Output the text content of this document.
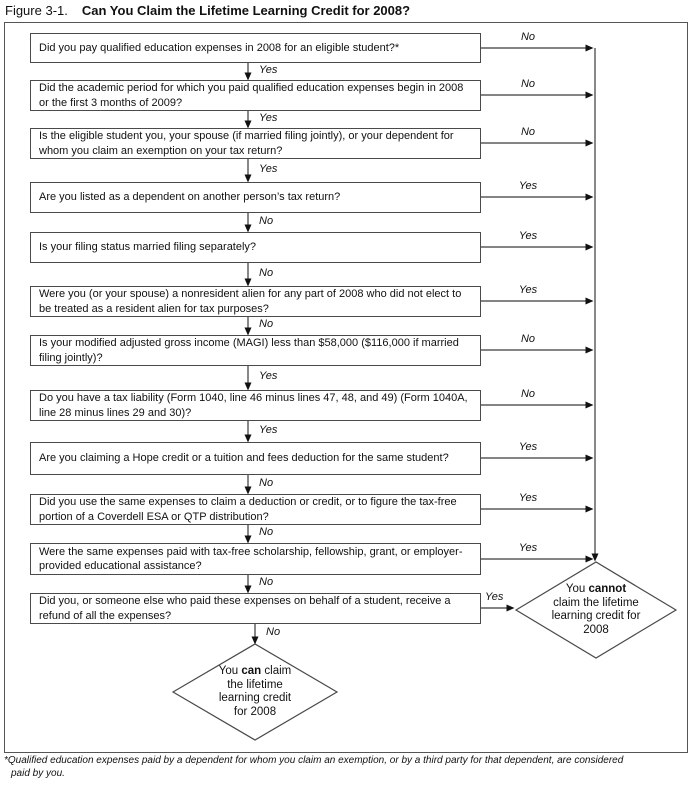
Figure 3-1. Can You Claim the Lifetime Learning Credit for 2008?
Did you pay qualified education expenses in 2008 for an eligible student?*
Did the academic period for which you paid qualified education expenses begin in 2008 or the first 3 months of 2009?
Is the eligible student you, your spouse (if married filing jointly), or your dependent for whom you claim an exemption on your tax return?
Are you listed as a dependent on another person’s tax return?
Is your filing status married filing separately?
Were you (or your spouse) a nonresident alien for any part of 2008 who did not elect to be treated as a resident alien for tax purposes?
Is your modified adjusted gross income (MAGI) less than $58,000 ($116,000 if married filing jointly)?
Do you have a tax liability (Form 1040, line 46 minus lines 47, 48, and 49) (Form 1040A, line 28 minus lines 29 and 30)?
Are you claiming a Hope credit or a tuition and fees deduction for the same student?
Did you use the same expenses to claim a deduction or credit, or to figure the tax-free portion of a Coverdell ESA or QTP distribution?
Were the same expenses paid with tax-free scholarship, fellowship, grant, or employer-provided educational assistance?
Did you, or someone else who paid these expenses on behalf of a student, receive a refund of all the expenses?
Yes
Yes
Yes
No
No
No
Yes
Yes
No
No
No
No
No
No
No
Yes
Yes
Yes
No
No
Yes
Yes
Yes
Yes
You cannot
claim the lifetime
learning credit for
2008
You can claim
the lifetime
learning credit
for 2008
*Qualified education expenses paid by a dependent for whom you claim an exemption, or by a third party for that dependent, are considered
paid by you.
